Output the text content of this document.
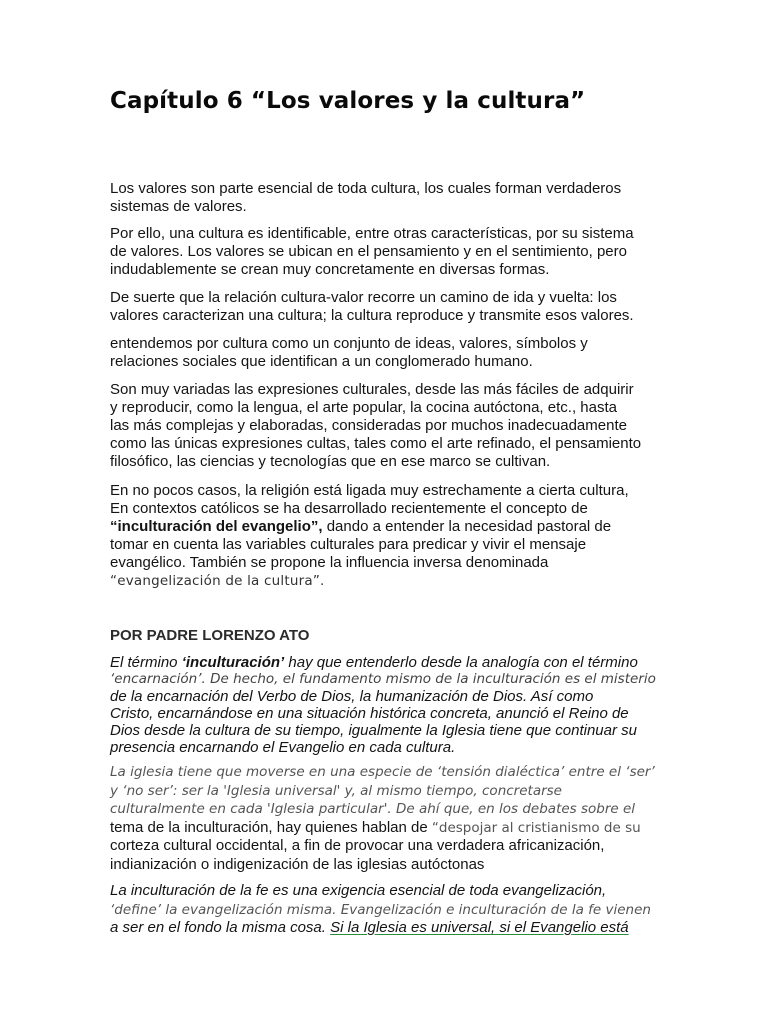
Capítulo 6 “Los valores y la cultura”
Los valores son parte esencial de toda cultura, los cuales forman verdaderos
sistemas de valores.
Por ello, una cultura es identificable, entre otras características, por su sistema
de valores. Los valores se ubican en el pensamiento y en el sentimiento, pero
indudablemente se crean muy concretamente en diversas formas.
De suerte que la relación cultura-valor recorre un camino de ida y vuelta: los
valores caracterizan una cultura; la cultura reproduce y transmite esos valores.
entendemos por cultura como un conjunto de ideas, valores, símbolos y
relaciones sociales que identifican a un conglomerado humano.
Son muy variadas las expresiones culturales, desde las más fáciles de adquirir
y reproducir, como la lengua, el arte popular, la cocina autóctona, etc., hasta
las más complejas y elaboradas, consideradas por muchos inadecuadamente
como las únicas expresiones cultas, tales como el arte refinado, el pensamiento
filosófico, las ciencias y tecnologías que en ese marco se cultivan.
En no pocos casos, la religión está ligada muy estrechamente a cierta cultura,
En contextos católicos se ha desarrollado recientemente el concepto de
“inculturación del evangelio”, dando a entender la necesidad pastoral de
tomar en cuenta las variables culturales para predicar y vivir el mensaje
evangélico. También se propone la influencia inversa denominada
“evangelización de la cultura”.
POR PADRE LORENZO ATO
El término ‘inculturación’ hay que entenderlo desde la analogía con el término
‘encarnación’. De hecho, el fundamento mismo de la inculturación es el misterio
de la encarnación del Verbo de Dios, la humanización de Dios. Así como
Cristo, encarnándose en una situación histórica concreta, anunció el Reino de
Dios desde la cultura de su tiempo, igualmente la Iglesia tiene que continuar su
presencia encarnando el Evangelio en cada cultura.
La iglesia tiene que moverse en una especie de ‘tensión dialéctica’ entre el ‘ser’
y ‘no ser’: ser la 'Iglesia universal' y, al mismo tiempo, concretarse
culturalmente en cada 'Iglesia particular'. De ahí que, en los debates sobre el
tema de la inculturación, hay quienes hablan de “despojar al cristianismo de su
corteza cultural occidental, a fin de provocar una verdadera africanización,
indianización o indigenización de las iglesias autóctonas
La inculturación de la fe es una exigencia esencial de toda evangelización,
‘define’ la evangelización misma. Evangelización e inculturación de la fe vienen
a ser en el fondo la misma cosa. Si la Iglesia es universal, si el Evangelio está
